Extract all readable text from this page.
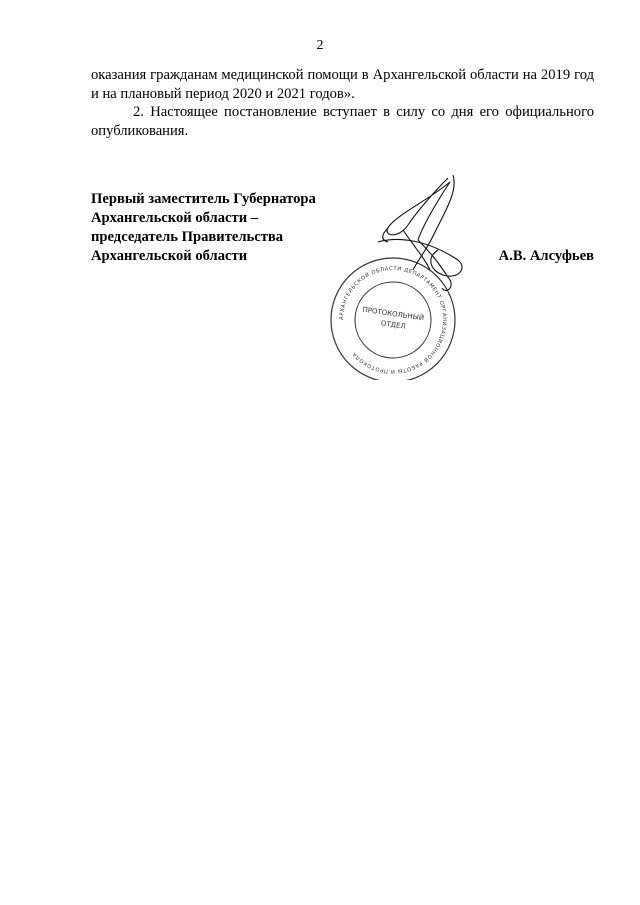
2

оказания гражданам медицинской помощи в Архангельской области на 2019 год и на плановый период 2020 и 2021 годов».

2. Настоящее постановление вступает в силу со дня его официального опубликования.

Первый заместитель Губернатора
Архангельской области –
председатель Правительства
Архангельской области	А.В. Алсуфьев
АРХАНГЕЛЬСКОЙ ОБЛАСТИ ДЕПАРТАМЕНТ ОРГАНИЗАЦИОННОЙ РАБОТЫ И ПРОТОКОЛА
ПРОТОКОЛЬНЫЙ
ОТДЕЛ
